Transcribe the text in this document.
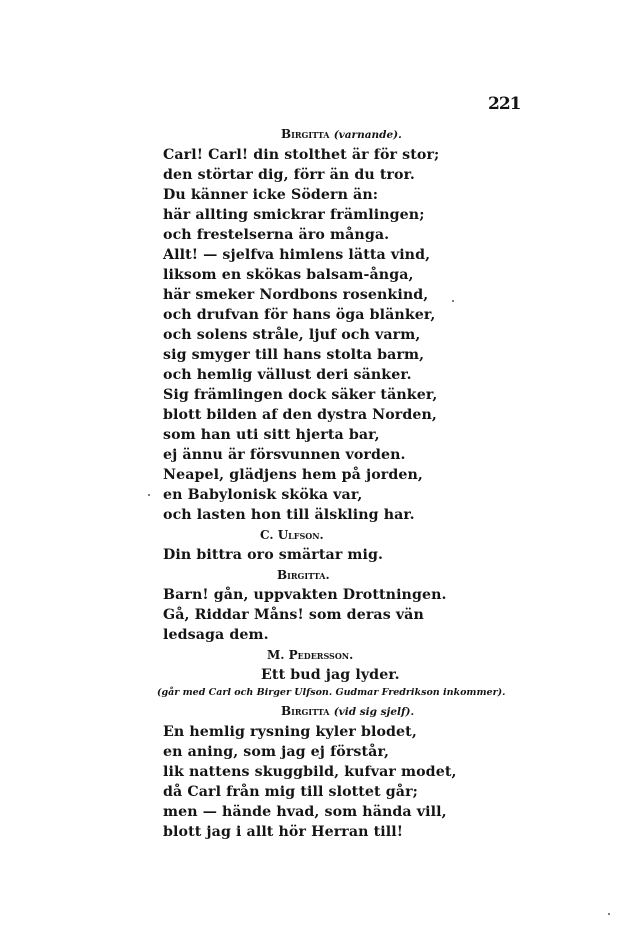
221
Birgitta (varnande).
Carl! Carl! din stolthet är för stor;
den störtar dig, förr än du tror.
Du känner icke Södern än:
här allting smickrar främlingen;
och frestelserna äro många.
Allt! — sjelfva himlens lätta vind,
liksom en skökas balsam-ånga,
här smeker Nordbons rosenkind,
och drufvan för hans öga blänker,
och solens stråle, ljuf och varm,
sig smyger till hans stolta barm,
och hemlig vällust deri sänker.
Sig främlingen dock säker tänker,
blott bilden af den dystra Norden,
som han uti sitt hjerta bar,
ej ännu är försvunnen vorden.
Neapel, glädjens hem på jorden,
en Babylonisk sköka var,
och lasten hon till älskling har.
C. Ulfson.
Din bittra oro smärtar mig.
Birgitta.
Barn! gån, uppvakten Drottningen.
Gå, Riddar Måns! som deras vän
ledsaga dem.
M. Pedersson.
Ett bud jag lyder.
(går med Carl och Birger Ulfson. Gudmar Fredrikson inkommer).
Birgitta (vid sig sjelf).
En hemlig rysning kyler blodet,
en aning, som jag ej förstår,
lik nattens skuggbild, kufvar modet,
då Carl från mig till slottet går;
men — hände hvad, som hända vill,
blott jag i allt hör Herran till!
